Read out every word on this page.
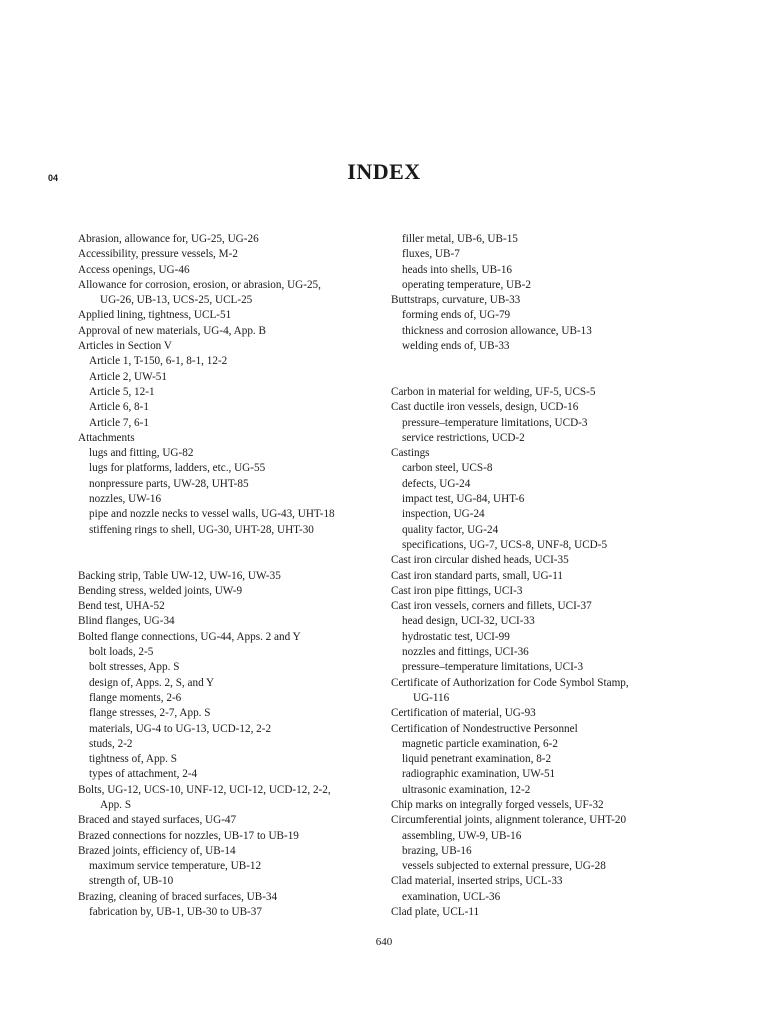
04	INDEX
Abrasion, allowance for, UG-25, UG-26
Accessibility, pressure vessels, M-2
Access openings, UG-46
Allowance for corrosion, erosion, or abrasion, UG-25,
UG-26, UB-13, UCS-25, UCL-25
Applied lining, tightness, UCL-51
Approval of new materials, UG-4, App. B
Articles in Section V
Article 1, T-150, 6-1, 8-1, 12-2
Article 2, UW-51
Article 5, 12-1
Article 6, 8-1
Article 7, 6-1
Attachments
lugs and fitting, UG-82
lugs for platforms, ladders, etc., UG-55
nonpressure parts, UW-28, UHT-85
nozzles, UW-16
pipe and nozzle necks to vessel walls, UG-43, UHT-18
stiffening rings to shell, UG-30, UHT-28, UHT-30
Backing strip, Table UW-12, UW-16, UW-35
Bending stress, welded joints, UW-9
Bend test, UHA-52
Blind flanges, UG-34
Bolted flange connections, UG-44, Apps. 2 and Y
bolt loads, 2-5
bolt stresses, App. S
design of, Apps. 2, S, and Y
flange moments, 2-6
flange stresses, 2-7, App. S
materials, UG-4 to UG-13, UCD-12, 2-2
studs, 2-2
tightness of, App. S
types of attachment, 2-4
Bolts, UG-12, UCS-10, UNF-12, UCI-12, UCD-12, 2-2,
App. S
Braced and stayed surfaces, UG-47
Brazed connections for nozzles, UB-17 to UB-19
Brazed joints, efficiency of, UB-14
maximum service temperature, UB-12
strength of, UB-10
Brazing, cleaning of braced surfaces, UB-34
fabrication by, UB-1, UB-30 to UB-37
filler metal, UB-6, UB-15
fluxes, UB-7
heads into shells, UB-16
operating temperature, UB-2
Buttstraps, curvature, UB-33
forming ends of, UG-79
thickness and corrosion allowance, UB-13
welding ends of, UB-33
Carbon in material for welding, UF-5, UCS-5
Cast ductile iron vessels, design, UCD-16
pressure–temperature limitations, UCD-3
service restrictions, UCD-2
Castings
carbon steel, UCS-8
defects, UG-24
impact test, UG-84, UHT-6
inspection, UG-24
quality factor, UG-24
specifications, UG-7, UCS-8, UNF-8, UCD-5
Cast iron circular dished heads, UCI-35
Cast iron standard parts, small, UG-11
Cast iron pipe fittings, UCI-3
Cast iron vessels, corners and fillets, UCI-37
head design, UCI-32, UCI-33
hydrostatic test, UCI-99
nozzles and fittings, UCI-36
pressure–temperature limitations, UCI-3
Certificate of Authorization for Code Symbol Stamp,
UG-116
Certification of material, UG-93
Certification of Nondestructive Personnel
magnetic particle examination, 6-2
liquid penetrant examination, 8-2
radiographic examination, UW-51
ultrasonic examination, 12-2
Chip marks on integrally forged vessels, UF-32
Circumferential joints, alignment tolerance, UHT-20
assembling, UW-9, UB-16
brazing, UB-16
vessels subjected to external pressure, UG-28
Clad material, inserted strips, UCL-33
examination, UCL-36
Clad plate, UCL-11
640
